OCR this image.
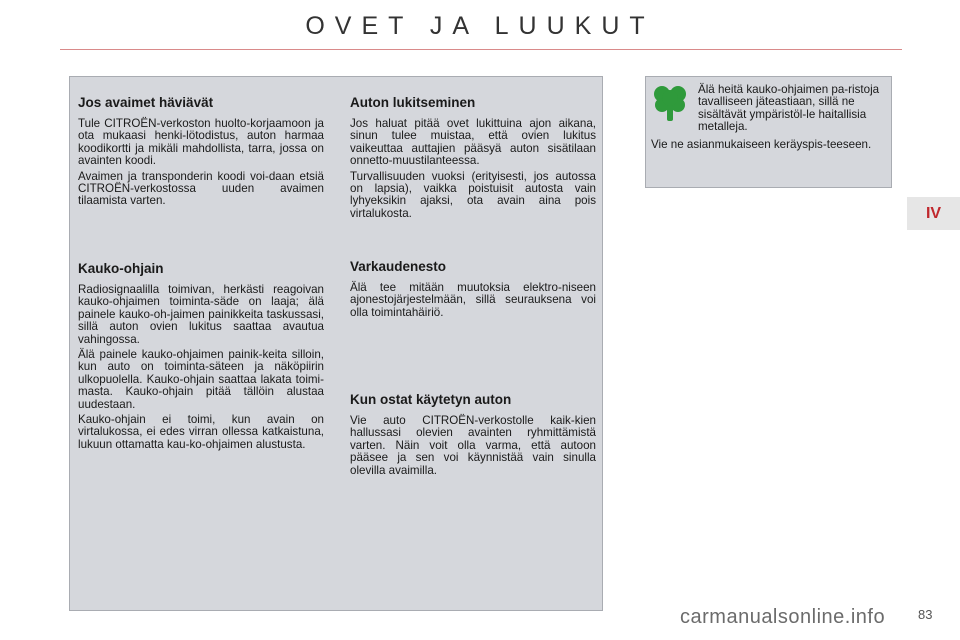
OVET JA LUUKUT
Jos avaimet häviävät

Tule CITROËN-verkoston huolto-korjaamoon ja ota mukaasi henki-lötodistus, auton harmaa koodikortti ja mikäli mahdollista, tarra, jossa on avainten koodi.

Avaimen ja transponderin koodi voi-daan etsiä CITROËN-verkostossa uuden avaimen tilaamista varten.

Kauko-ohjain

Radiosignaalilla toimivan, herkästi reagoivan kauko-ohjaimen toiminta-säde on laaja; älä painele kauko-oh-jaimen painikkeita taskussasi, sillä auton ovien lukitus saattaa avautua vahingossa.

Älä painele kauko-ohjaimen painik-keita silloin, kun auto on toiminta-säteen ja näköpiirin ulkopuolella. Kauko-ohjain saattaa lakata toimi-masta. Kauko-ohjain pitää tällöin alustaa uudestaan.

Kauko-ohjain ei toimi, kun avain on virtalukossa, ei edes virran ollessa katkaistuna, lukuun ottamatta kau-ko-ohjaimen alustusta.

Auton lukitseminen

Jos haluat pitää ovet lukittuina ajon aikana, sinun tulee muistaa, että ovien lukitus vaikeuttaa auttajien pääsyä auton sisätilaan onnetto-muustilanteessa.

Turvallisuuden vuoksi (erityisesti, jos autossa on lapsia), vaikka poistuisit autosta vain lyhyeksikin ajaksi, ota avain aina pois virtalukosta.

Varkaudenesto

Älä tee mitään muutoksia elektro-niseen ajonestojärjestelmään, sillä seurauksena voi olla toimintahäiriö.

Kun ostat käytetyn auton

Vie auto CITROËN-verkostolle kaik-kien hallussasi olevien avainten ryhmittämistä varten. Näin voit olla varma, että autoon pääsee ja sen voi käynnistää vain sinulla olevilla avaimilla.

Älä heitä kauko-ohjaimen pa-ristoja tavalliseen jäteastiaan, sillä ne sisältävät ympäristöl-le haitallisia metalleja.
Vie ne asianmukaiseen keräyspis-teeseen.
IV
carmanualsonline.info	83
